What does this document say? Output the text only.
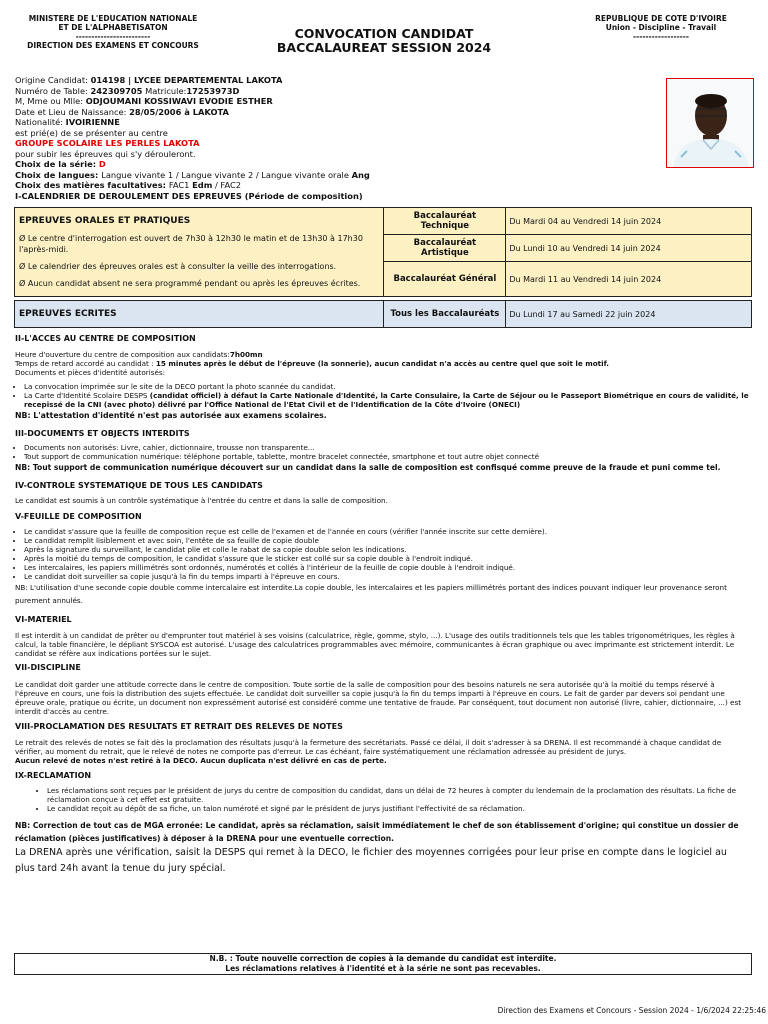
MINISTERE DE L'EDUCATION NATIONALE
ET DE L'ALPHABETISATON
------------------------
DIRECTION DES EXAMENS ET CONCOURS
CONVOCATION CANDIDAT
BACCALAUREAT SESSION 2024
REPUBLIQUE DE COTE D'IVOIRE
Union - Discipline - Travail
------------------
Origine Candidat: 014198 | LYCEE DEPARTEMENTAL LAKOTA
Numéro de Table: 242309705 Matricule:17253973D
M, Mme ou Mlle: ODJOUMANI KOSSIWAVI EVODIE ESTHER
Date et Lieu de Naissance: 28/05/2006 à LAKOTA
Nationalité: IVOIRIENNE
est prié(e) de se présenter au centre
GROUPE SCOLAIRE LES PERLES LAKOTA
pour subir les épreuves qui s'y dérouleront.
Choix de la série: D
Choix de langues: Langue vivante 1 / Langue vivante 2 / Langue vivante orale Ang
Choix des matières facultatives: FAC1 Edm / FAC2
I-CALENDRIER DE DEROULEMENT DES EPREUVES (Période de composition)
EPREUVES ORALES ET PRATIQUES
Ø Le centre d'interrogation est ouvert de 7h30 à 12h30 le matin et de 13h30 à 17h30 l'après-midi.
Ø Le calendrier des épreuves orales est à consulter la veille des interrogations.
Ø Aucun candidat absent ne sera programmé pendant ou après les épreuves écrites.	Baccalauréat Technique	Du Mardi 04 au Vendredi 14 juin 2024
	Baccalauréat Artistique	Du Lundi 10 au Vendredi 14 juin 2024
	Baccalauréat Général	Du Mardi 11 au Vendredi 14 juin 2024

EPREUVES ECRITES	Tous les Baccalauréats	Du Lundi 17 au Samedi 22 juin 2024
II-L'ACCES AU CENTRE DE COMPOSITION

Heure d'ouverture du centre de composition aux candidats:7h00mn

Temps de retard accordé au candidat : 15 minutes après le début de l'épreuve (la sonnerie), aucun candidat n'a accès au centre quel que soit le motif.

Documents et pièces d'identité autorisés:

• La convocation imprimée sur le site de la DECO portant la photo scannée du candidat.
• La Carte d'Identité Scolaire DESPS (candidat officiel) à défaut la Carte Nationale d'Identité, la Carte Consulaire, la Carte de Séjour ou le Passeport Biométrique en cours de validité, le recepissé de la CNI (avec photo) délivré par l'Office National de l'Etat Civil et de l'Identification de la Côte d'Ivoire (ONECI)

NB: L'attestation d'identité n'est pas autorisée aux examens scolaires.

III-DOCUMENTS ET OBJECTS INTERDITS
• Documents non autorisés: Livre, cahier, dictionnaire, trousse non transparente...
• Tout support de communication numérique: téléphone portable, tablette, montre bracelet connectée, smartphone et tout autre objet connecté

NB: Tout support de communication numérique découvert sur un candidat dans la salle de composition est confisqué comme preuve de la fraude et puni comme tel.

IV-CONTROLE SYSTEMATIQUE DE TOUS LES CANDIDATS

Le candidat est soumis à un contrôle systématique à l'entrée du centre et dans la salle de composition.

V-FEUILLE DE COMPOSITION
• Le candidat s'assure que la feuille de composition reçue est celle de l'examen et de l'année en cours (vérifier l'année inscrite sur cette dernière).
• Le candidat remplit lisiblement et avec soin, l'entête de sa feuille de copie double
• Après la signature du surveillant, le candidat plie et colle le rabat de sa copie double selon les indications.
• Après la moitié du temps de composition, le candidat s'assure que le sticker est collé sur sa copie double à l'endroit indiqué.
• Les intercalaires, les papiers millimétrés sont ordonnés, numérotés et collés à l'intérieur de la feuille de copie double à l'endroit indiqué.
• Le candidat doit surveiller sa copie jusqu'à la fin du temps imparti à l'épreuve en cours.

NB: L'utilisation d'une seconde copie double comme intercalaire est interdite.La copie double, les intercalaires et les papiers millimétrés portant des indices pouvant indiquer leur provenance seront purement annulés.

VI-MATERIEL

Il est interdit à un candidat de prêter ou d'emprunter tout matériel à ses voisins (calculatrice, règle, gomme, stylo, ...). L'usage des outils traditionnels tels que les tables trigonométriques, les règles à calcul, la table financière, le dépliant SYSCOA est autorisé. L'usage des calculatrices programmables avec mémoire, communicantes à écran graphique ou avec imprimante est strictement interdit. Le candidat se réfère aux indications portées sur le sujet.

VII-DISCIPLINE

Le candidat doit garder une attitude correcte dans le centre de composition. Toute sortie de la salle de composition pour des besoins naturels ne sera autorisée qu'à la moitié du temps réservé à l'épreuve en cours, une fois la distribution des sujets effectuée. Le candidat doit surveiller sa copie jusqu'à la fin du temps imparti à l'épreuve en cours. Le fait de garder par devers soi pendant une épreuve orale, pratique ou écrite, un document non expressément autorisé est considéré comme une tentative de fraude. Par conséquent, tout document non autorisé (livre, cahier, dictionnaire, ...) est interdit d'accès au centre.

VIII-PROCLAMATION DES RESULTATS ET RETRAIT DES RELEVES DE NOTES

Le retrait des relevés de notes se fait dès la proclamation des résultats jusqu'à la fermeture des secrétariats. Passé ce délai, il doit s'adresser à sa DRENA. Il est recommandé à chaque candidat de vérifier, au moment du retrait, que le relevé de notes ne comporte pas d'erreur. Le cas échéant, faire systématiquement une réclamation adressée au président de jurys.

Aucun relevé de notes n'est retiré à la DECO. Aucun duplicata n'est délivré en cas de perte.

IX-RECLAMATION
• Les réclamations sont reçues par le président de jurys du centre de composition du candidat, dans un délai de 72 heures à compter du lendemain de la proclamation des résultats. La fiche de réclamation conçue à cet effet est gratuite.
• Le candidat reçoit au dépôt de sa fiche, un talon numéroté et signé par le président de jurys justifiant l'effectivité de sa réclamation.

NB: Correction de tout cas de MGA erronée: Le candidat, après sa réclamation, saisit immédiatement le chef de son établissement d'origine; qui constitue un dossier de réclamation (pièces justificatives) à déposer à la DRENA pour une eventuelle correction.

La DRENA après une vérification, saisit la DESPS qui remet à la DECO, le fichier des moyennes corrigées pour leur prise en compte dans le logiciel au plus tard 24h avant la tenue du jury spécial.

N.B. : Toute nouvelle correction de copies à la demande du candidat est interdite.
Les réclamations relatives à l'identité et à la série ne sont pas recevables.
Direction des Examens et Concours - Session 2024 - 1/6/2024 22:25:46
